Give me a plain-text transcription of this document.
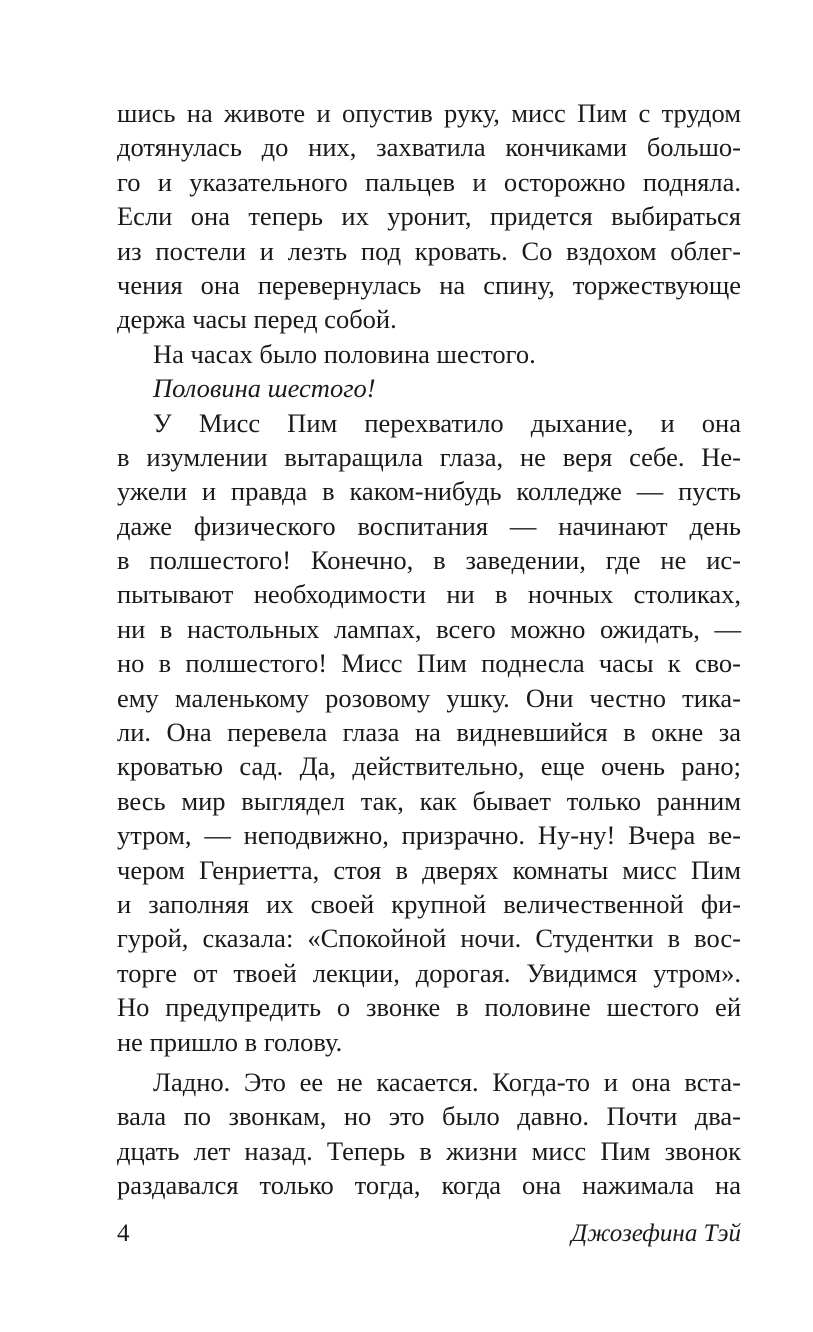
шись на животе и опустив руку, мисс Пим с трудом
дотянулась до них, захватила кончиками большо-
го и указательного пальцев и осторожно подняла.
Если она теперь их уронит, придется выбираться
из постели и лезть под кровать. Со вздохом облег-
чения она перевернулась на спину, торжествующе
держа часы перед собой.
На часах было половина шестого.
Половина шестого!
У Мисс Пим перехватило дыхание, и она
в изумлении вытаращила глаза, не веря себе. Не-
ужели и правда в каком-нибудь колледже — пусть
даже физического воспитания — начинают день
в полшестого! Конечно, в заведении, где не ис-
пытывают необходимости ни в ночных столиках,
ни в настольных лампах, всего можно ожидать, —
но в полшестого! Мисс Пим поднесла часы к сво-
ему маленькому розовому ушку. Они честно тика-
ли. Она перевела глаза на видневшийся в окне за
кроватью сад. Да, действительно, еще очень рано;
весь мир выглядел так, как бывает только ранним
утром, — неподвижно, призрачно. Ну-ну! Вчера ве-
чером Генриетта, стоя в дверях комнаты мисс Пим
и заполняя их своей крупной величественной фи-
гурой, сказала: «Спокойной ночи. Студентки в вос-
торге от твоей лекции, дорогая. Увидимся утром».
Но предупредить о звонке в половине шестого ей
не пришло в голову.
Ладно. Это ее не касается. Когда-то и она вста-
вала по звонкам, но это было давно. Почти два-
дцать лет назад. Теперь в жизни мисс Пим звонок
раздавался только тогда, когда она нажимала на
4	Джозефина Тэй
